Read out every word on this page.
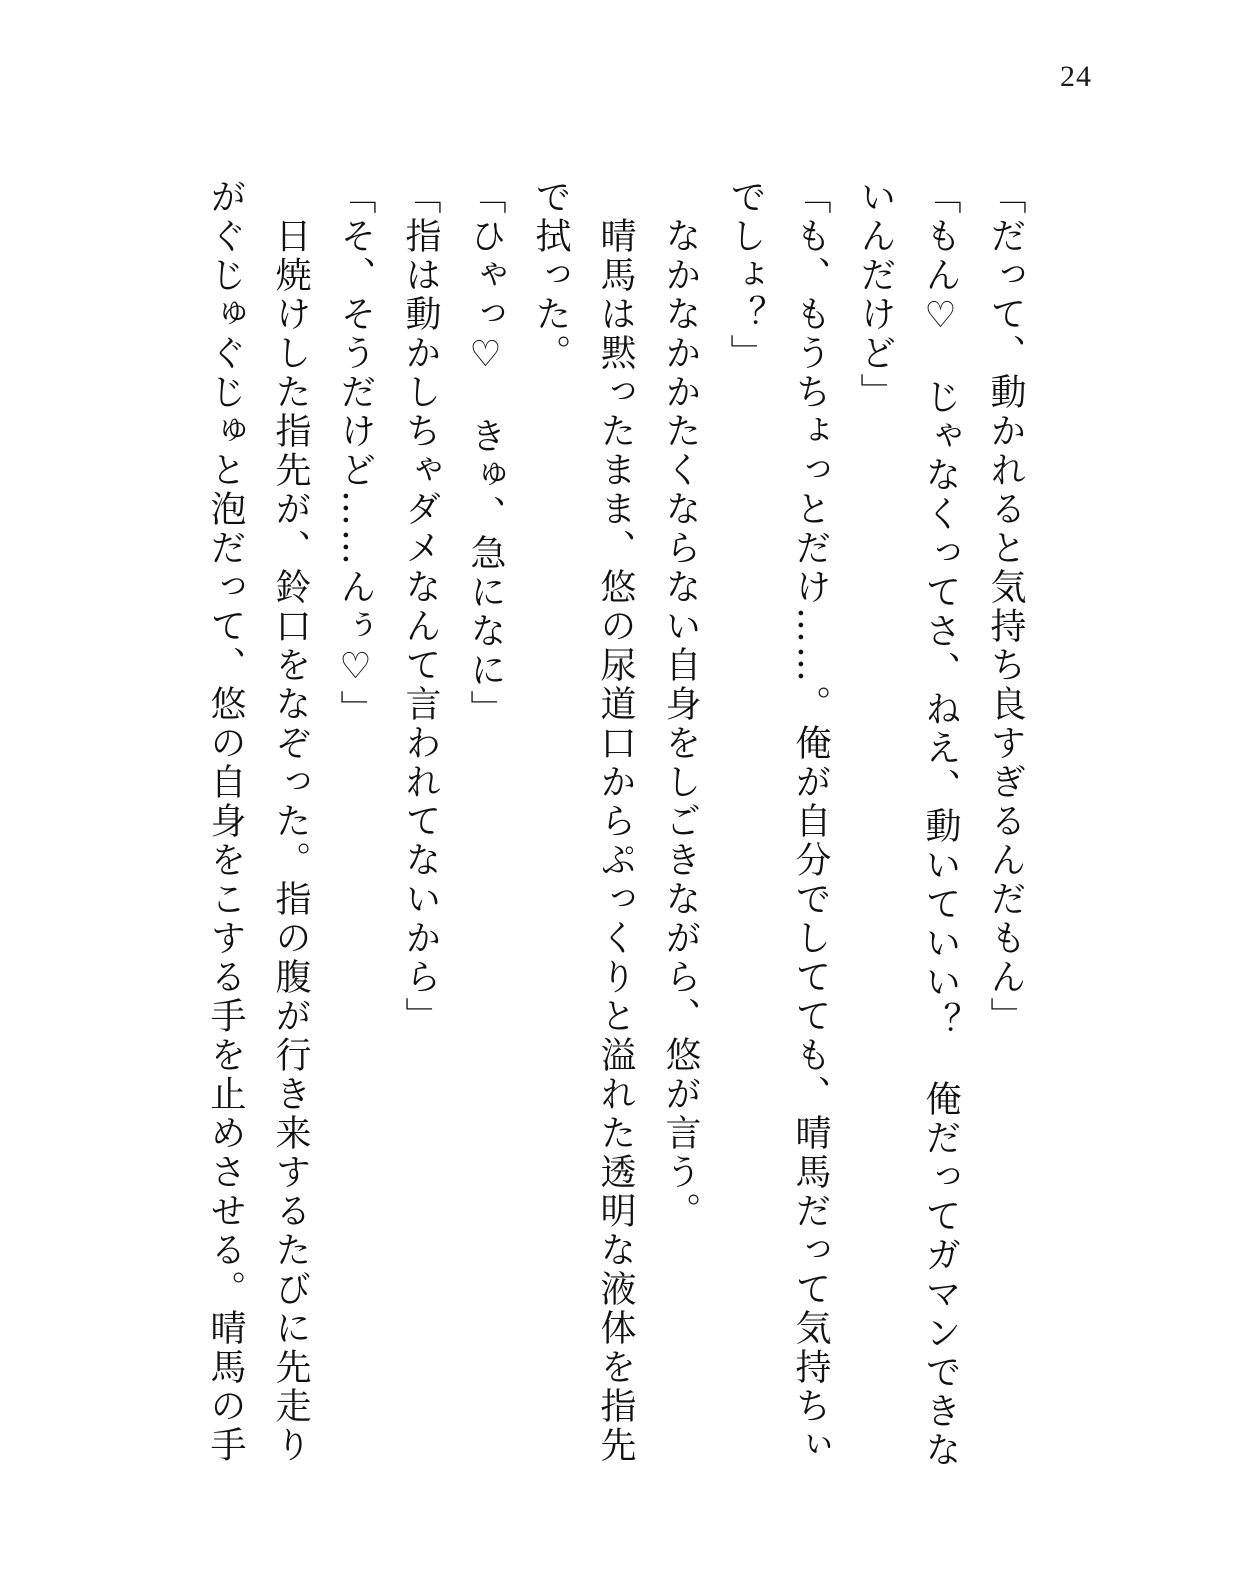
24
「だって、動かれると気持ち良すぎるんだもん」
「もん♡　じゃなくってさ、ねえ、動いていい？　俺だってガマンできな
いんだけど」
「も、もうちょっとだけ……。俺が自分でしてても、晴馬だって気持ちぃ
でしょ？」
　なかなかかたくならない自身をしごきながら、悠が言う。
　晴馬は黙ったまま、悠の尿道口からぷっくりと溢れた透明な液体を指先
で拭った。
「ひゃっ♡　きゅ、急になに」
「指は動かしちゃダメなんて言われてないから」
「そ、そうだけど……んぅ♡」
　日焼けした指先が、鈴口をなぞった。指の腹が行き来するたびに先走り
がぐじゅぐじゅと泡だって、悠の自身をこする手を止めさせる。晴馬の手
